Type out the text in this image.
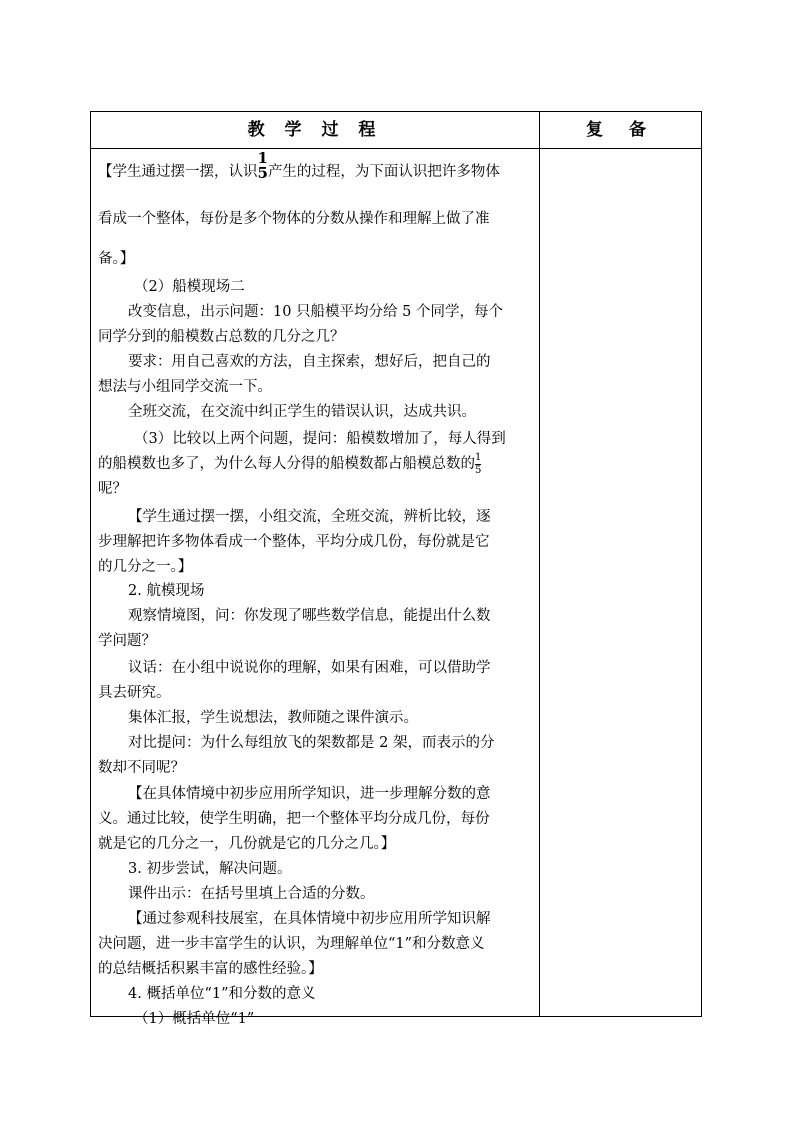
教 学 过 程	复 备
【学生通过摆一摆，认识
1
5 产生的过程，为下面认识把许多物体
看成一个整体，每份是多个物体的分数从操作和理解上做了准
备。】
（2）船模现场二
改变信息，出示问题：10 只船模平均分给 5 个同学，每个
同学分到的船模数占总数的几分之几？
要求：用自己喜欢的方法，自主探索，想好后，把自己的
想法与小组同学交流一下。
全班交流，在交流中纠正学生的错误认识，达成共识。
（3）比较以上两个问题，提问：船模数增加了，每人得到
的船模数也多了，为什么每人分得的船模数都占船模总数的 $\frac{1}{5}$
呢？
【学生通过摆一摆，小组交流，全班交流，辨析比较，逐
步理解把许多物体看成一个整体，平均分成几份，每份就是它
的几分之一。】
2. 航模现场
观察情境图，问：你发现了哪些数学信息，能提出什么数
学问题？
议话：在小组中说说你的理解，如果有困难，可以借助学
具去研究。
集体汇报，学生说想法，教师随之课件演示。
对比提问：为什么每组放飞的架数都是 2 架，而表示的分
数却不同呢？
【在具体情境中初步应用所学知识，进一步理解分数的意
义。通过比较，使学生明确，把一个整体平均分成几份，每份
就是它的几分之一，几份就是它的几分之几。】
3. 初步尝试，解决问题。
课件出示：在括号里填上合适的分数。
【通过参观科技展室，在具体情境中初步应用所学知识解
决问题，进一步丰富学生的认识，为理解单位“1”和分数意义
的总结概括积累丰富的感性经验。】
4. 概括单位“1”和分数的意义
（1）概括单位“1”
